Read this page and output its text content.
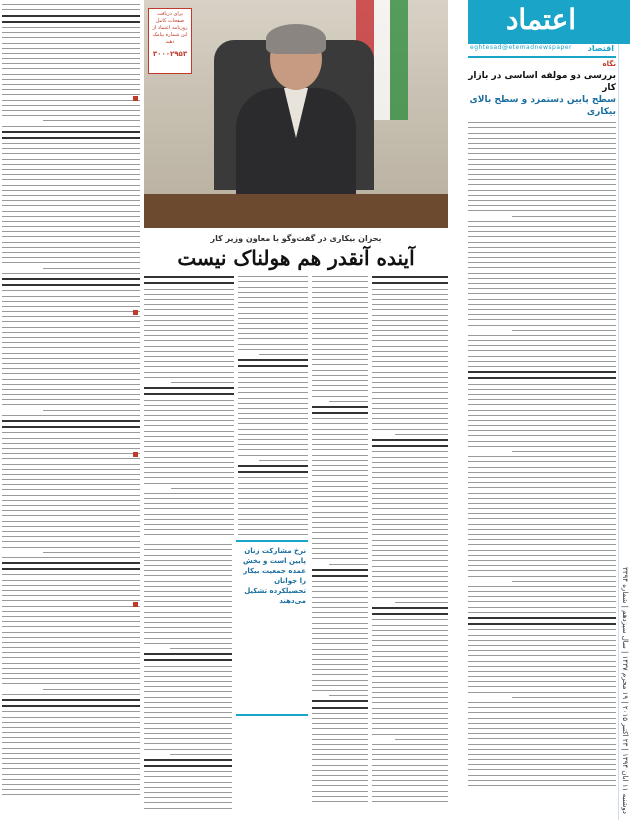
دوشنبه ۱۱ ابان ۱۳۹۴ | ۲۳ اکتبر ۲۰۱۵ | ۱۹ محرم ۱۴۳۷ | سال سیزدهم | شماره ۳۳۹۴
اعتماد
اقتصاد
eghtesad@etemadnewspaper
نگاه
بررسی دو مولفه اساسی در بازار کار
سطح پایین دستمزد و سطح بالای بیکاری
برای دریافت صفحات کامل روزنامه اعتماد از این شماره پیامک دهید
۳۰۰۰۲۹۵۳
بحران بیکاری در گفت‌وگو با معاون وزیر کار
آینده آنقدر هم هولناک نیست
نرخ مشارکت زنان پایین است و بخش عمده جمعیت بیکار را جوانان تحصیلکرده تشکیل می‌دهند
